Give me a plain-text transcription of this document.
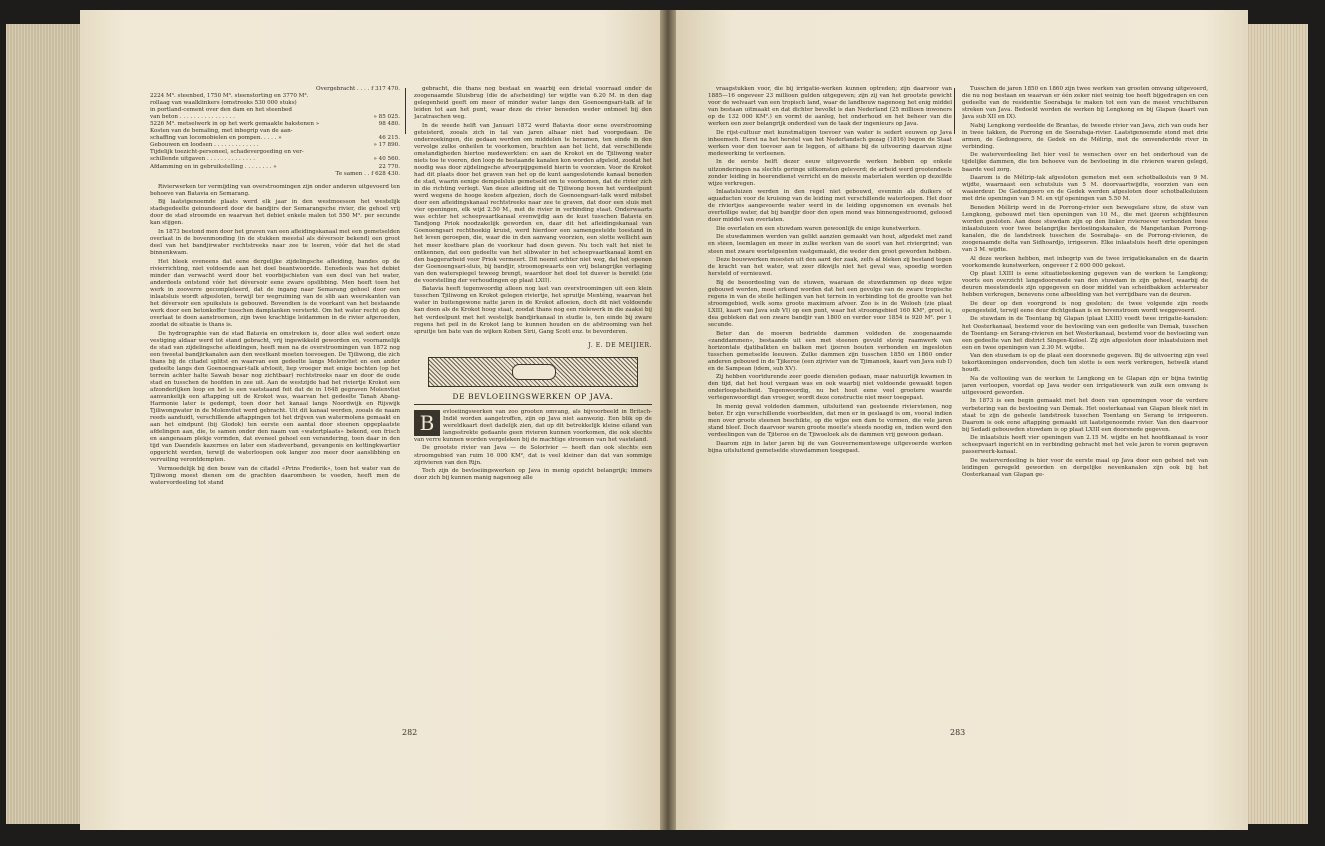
Overgebracht . . . . f 317 470.
2224 M³. steenbed, 1750 M³. steenstorting en 3770 M³.
rollaag van waalklinkers (omstreeks 530 000 stuks)
in portland-cement over den dam en het steenbed
van beton . . . . . . . . . . . . . . . .	» 85 025.
5226 M³. metselwerk in op het werk gemaakte bakstenen »	98 480.
Kosten van de bemaling, met inbegrip van de aan-
schaffing van locomobielen en pompen. . . . . »	46 215.
Gebouwen en loodsen . . . . . . . . . . . . .	» 17 890.
Tijdelijk toezicht-personeel, schadevergoeding en ver-
schillende uitgaven . . . . . . . . . . . . . .	» 40 560.
Afdamming en in gebruikstelling . . . . . . . . »	22 770.
Te samen . . f 628 430.

Rivierwerken ter vermijding van overstroomingen zijn onder anderen uitgevoerd ten behoeve van Batavia en Semarang.

Bij laatstgenoemde plaats werd elk jaar in den westmoesson het westelijk stadsgedeelte geinundeerd door de bandjirs der Semarangsche rivier, die gehoel vrij door de stad stroomde en waarvan het debiet enkele malen tot 550 M³. per secunde kan stijgen.

In 1873 bestond men door het graven van een afleidingskanaal met een gemetselden overlaat in de bovenmonding (in de stukken meestal als déversoir bekend) een groot deel van het bandjirwater rechtstreeks naar zee te leeren, vóór dat het de stad binnenkwam.

Het bleek eveneens dat eene dergelijke zijdelingsche afleiding, bandes op de rivierrichting, niet voldoende aan het doel beantwoordde. Eensdeels was het debiet minder dan verwacht werd door het voorbijschieten van een deel van het water, anderdeels ontstond vóór het déversoir eene zware opslibbing. Men heeft toen het werk in zooverre gecompleteerd, dat de ingang naar Semarang gehoel door een inlaatsluis wordt afgesloten, terwijl ter wegruiming van de slib aan weerskanten van het déversoir een spuiksluis is gebouwd. Bovendien is de voorkant van het bestaande werk door een betonkoffer tusschen damplanken versterkt. Om het water recht op den overlaat te doen aanstroomen, zijn twee krachtige leidammen in de rivier afgeroeden, zoodat de situatie is thans is.

De hydrographie van de stad Batavia en omstreken is, door alles wat sedert onze vestiging aldaar werd tot stand gebracht, vrij ingewikkeld geworden en, voornamelijk de stad van zijdelingsche afleidingen, heeft men na de overstroomingen van 1872 nog een tweetal bandjirkanalen aan den westkant moeten toevoegen. De Tjiliwong, die zich thans bij de citadel splitst en waarvan een gedeelte langs Molenvliet en een ander gedeelte langs den Goenoengsari-talk afvloeit, liep vroeger met enige bochten (op het terrein achter halte Sawah besar nog zichtbaar) rechtstreeks naar en door de oude stad en tusschen de hoofden in zee uit. Aan de westzijde had het riviertje Krokot een afzonderlijken loop en het is een vaststaand feit dat de in 1648 gegraven Molenvliet aanvankelijk een aftapping uit de Krokot was, waarvan het gedeelte Tanah Abang-Harmonie later is gedempt, toen door het kanaal langs Noordwijk en Rijswijk Tjiliwongwater in de Molenvliet werd gebracht. Uit dit kanaal werden, zooals de naam reeds aanduidt, verschillende aftappingen tot het drijven van watermolens gemaakt en aan het eindpunt (bij Glodok) ten eerste een aantal door steenen opgeplaatste afdelingen aan, die, te samen onder den naam van «watertplaats» bekend, een frisch en aangenaam plekje vormden, dat eveneel gehoel een verandering, toen daar in den tijd van Daendels kazernes en later een stadsverband, gevangenis en kettingkwartier opgericht werden, terwijl de waterloopen ook langer zoo meer door aanslibbing en vervuiling verontdempten.

Vermoedelijk bij den bouw van de citadel «Prins Frederik», toen het water van de Tjiliwong moest dienen om de grachten daaromheen te voeden, heeft men de watervordeeling tot stand

gebracht, die thans nog bestaat en waarbij een drietal voorraad onder de zoogenaamde Sluisbrug (die de afscheiding) ter wijdte van 6.20 M. in den dag gelegenheid geeft om meer of minder water langs den Goenoengsari-talk af te leiden tot aan het punt, waar deze de rivier beneden weder ontmoet bij den Jacatraschen weg.

In de weede helft van Januari 1872 werd Batavia door eene overstrooming geteisterd, zooals zich in tal van jaren alhaar niet had voorgedaan. De onderzoekingen, die gedaan werden om middelen te beramen, ten einde in den vervolge zulke onheilen te voorkomen, brachten aan het licht, dat verschillende omstandigheden hiertoe medewerkten: en aan de Krokot en de Tjiliwong water niets toe te voeren, den loop de bestaande kanalen kon worden afgeleid, zoodat het noodig was door zijdelingsche afvoerpijpgemeld hierin te voorzien. Voor de Krokot had dit plaats door het graven van het op de kunt aangeslotende kanaal beneden de stad, waarin eenige dempelsluis gemetseld om te voorkomen, dat de rivier zich in die richting verlegt. Van deze afleiding uit de Tjiliwong boven het verdeelpunt werd wegens de hooge kosten afgezien, doch de Goenoengsari-talk werd mitsbet door een afleidingskanaal rechtstreeks naar zee te graven, dat door een sluis met vier openingen, elk wijd 2.50 M., met de rivier in verbinding staat. Onderwaarts was echter het scheepvaartkanaal evenwijdig aan de kust tusschen Batavia en Tandjong Priok noodzakelijk geworden en, daar dit het afleidingskanaal van Goenoengsari rechthoekig kruist, werd hierdoor een samengestelde toestand in het leven geroepen, die, waar die in den aanvang voorzien, een slotte wellicht aan het meer kostbare plan de voorkeur had doen geven. Nu toch valt het niet te ontkennen, dat een gedeelte van het slibwater in het scheepvaartkanaal komt en den baggerarbeid voor Priok vermeert. Dit neemt echter niet weg, dat het openen der Goenoengsari-sluis, bij bandjir, stroomopwaarts een vrij belangrijke verlaging van den waterspiegel teweeg brengt, waardoor het doel tot dusver is bereikt (zie de voorstelling der verhoudingen op plaat LXII).

Batavia heeft tegenwoordig alleen nog last van overstroomingen uit een klein tusschen Tjiliwong en Krokot gelegen riviertje, het spruitje Menténg, waarvan het water in buitengewone natte jaren in de Krokot afloeien, doch dit niet voldoende kan doen als de Krokot hoog staat, zoodat thans nog een riolewerk in die zaaksi bij het verdeelpunt met het westelijk bandjirkanaal in studie is, ten einde bij zware regens het peil in de Krokot lang te kunnen houden en de afstrooming van het spruitje ten bate van de wijken Koben Sirii, Gang Scott enz. te bevorderen.

J. E. DE MEIJIER.
DE BEVLOEIINGSWERKEN OP JAVA.
B	evloeiingswerken van zoo grooten omvang, als bijvoorbeeld in Britsch-Indië worden aangetroffen, zijn op Java niet aanwezig. Een blik op de wereldkaart doet dadelijk zien, dat op dit betrekkelijk kleine eiland van langsstrekte gedaante geen rivieren kunnen voorkomen, die ook slechts van verre kunnen worden vergeleken bij de machtige stroomen van het vasteland.

De grootste rivier van Java — de Solorivier — heeft dan ook slechts een stroomgebied van ruim 16 000 KM², dat is veel kleiner dan dat van sommige zijrivieren van den Rijn.

Toch zijn de bevloeiingswerken op Java in menig opzicht belangrijk; immers door zich bij kunnen manig nagenoeg alle

282

vraagstukken voor, die bij irrigatie-werken kunnen optreden; zijn daarvoor van 1885—16 ongeveer 23 millioen gulden uitgegeven; zijn zij van het grootste gewicht voor de welvaart van een tropisch land, waar de landbouw nagenoeg het enig middel van bestaan uitmaakt en dat dichter bevolkt is dan Nederland (25 millioen inwoners op de 132 000 KM².) en vormt de aanleg, het onderhoud en het beheer van die werken een zeer belangrijk onderdeel van de taak der ingenieurs op Java.

De rijst-cultuur met kunstmatigen toevoer van water is sedert eeuwen op Java inheemsch. Eerst na het herstel van het Nederlandsch gezag (1816) begon de Staat werken voor den toevoer aan te leggen, of althans bij de uitvoering daarvan zijne medewerking te verleenen.

In de eerste helft dezer eeuw uitgevoerde werken hebben op enkele uitzonderingen na slechts geringe uitkomsten geleverd; de arbeid werd grootendeels zonder leiding in heerendienst verricht en de meeste materialen werden op dezelfde wijze verkregen.

Inlaatsluizen werden in den regel niet gebouwd, evenmin als duikers of aquaducten voor de kruising van de leiding met verschillende waterloopen. Het door de riviertjes aangevoerde water werd in de leiding opgenomen en evenals het overtollige water, dat bij bandjir door den open mond was binnengestroomd, geloosd door middel van overlaten.

Die overlaten en een stuwdam waren gewoonlijk de enige kunstwerken.

De stuwdammen werden van gelikt aanzien gemaakt van hout, afgedekt met zand en steen, leemlagen en meer in zulke werken van de soort van het riviergrind; van steen met zware wortelgeenten vastgemaakt, die weder den groot geworden hebben.

Deze bouwwerken moesten uit den aard der zaak, zelfs al bleken zij bestand tegen de kracht van het water, wat zeer dikwijls niet het geval was, spoedig worden hersteld of vernieuwd.

Bij de beoordeeling van de stuwen, waaraan de stuwdammen op deze wijze gebouwd werden, moet erkend worden dat het een gevolge van de zware tropische regens in van de steile hellingen van het terrein in verbinding tot de grootte van het stroomgebied, welk soms groote maximum afvoer. Zoo is in de Woloeh (zie plaat LXIII, kaart van Java sub VI) op een punt, waar het stroomgebied 160 KM², groot is, dea gebleken dat een zware bandjir van 1800 en verder voor 1854 is 920 M³. per 1 secunde.

Beter dan de moeren bedrielde dammen voldeden de zoogenaamde «zanddammen», bestaande uit een met steenen gevuld stevig raamwerk van horizontale djatibalkten en balken met ijzeren bouten verbonden en ingesloten tusschen gemetselde leeuwen. Zulke dammen zijn tusschen 1850 en 1860 onder anderen gebouwd in de Tjikeroe (een zijrivier van de Tjimanoek, kaart van Java sub I) en de Sampean (idem, sub XV).

Zij hebben voortdurende zeer goede diensten gedaan, maar natuurlijk kwamen in den tijd, dat het hout vergaan was en ook waarbij niet voldoende gewaakt tegen onderloopsheiheid. Tegenwoordig, nu het hout eene veel grootere waarde vertegenwoordigt dan vroeger, wordt deze constructie niet meer toegepast.

In menig geval voldeden dammen, uitsluitend van gesteende rivierstenen, nog beter. Er zijn verschillende voorbeelden, dat men er in geslaagd is om, vooral indien men over groote steenen beschikte, op die wijze een dam te vormen, die vele jaren stand bleef. Doch daarvoor waren groote moeite's steeds noodig en, indien werd den verdeelingen van de Tjiteroe en de Tjiwoeloek als de dammen vrij gewoon gedaan.

Daarom zijn in later jaren bij de van Gouvernementswege uitgevoerde werken bijna uitsluitend gemetselde stuwdammen toegepast.

Tusschen de jaren 1850 en 1860 zijn twee werken van grooten omvang uitgevoerd, die nu nog bestaan en waarvan er één zeker niet weinig toe heeft bijgedragen en cen gedeelte van de residentie Soerabaja te maken tot een van de meest vruchtbaren streken van Java. Bedoeld worden de werken bij Lengkong en bij Glapan (kaart van Java sub XII en IX).

Nabij Lengkong verdeelde de Brantas, de tweede rivier van Java, zich van ouds her in twee takken, de Porrong en de Soerabaja-rivier. Laatstgenoemde stond met drie armen, de Gedongoero, de Gedek en de Mélirip, met de omvenderdde river in verbinding.

De waterverdeeling liet hier veel te wenschen over en het onderhoud van de tijdelijke dammen, die ten behoeve van de bevloeiing in die rivieren waren gelegd, baarde veel zorg.

Daarom is de Mélirip-tak afgesloten gemeten met een schotbalksluis van 9 M. wijdte, waarnaast een schutsluis van 5 M. doorvaartwijdte, voorzien van een waaierdeur. De Gedongoero en de Gedek werden afgesloten door schotbalksluizen met drie openingen van 5 M. en vijf openingen van 5.50 M.

Beneden Mélirip werd in de Porrong-rivier een bewegelare stuw, de stuw van Lengkong, gebouwd met tien openingen van 10 M., die met ijzeren schijfdeuren worden gesloten. Aan deze stuwdam zijn op den linker rivieroever verbonden twee inlaatsluizen voor twee belangrijke bevloeiingskanalen, de Mangetankan Porrong-kanalen, die de landstreek tusschen de Soerabaja- en de Porrong-rivieren, de zoogenaamde delta van Sidhoardjo, irrigeeren. Elke inlaatsluis heeft drie openingen van 3 M. wijdte.

Al deze werken hebben, met inbegrip van de twee irrigatiekanalen en de daarin voorkomende kunstwerken, ongeveer f 2 600 000 gekost.

Op plaat LXIII is eene situatieteekening gegeven van de werken te Lengkong; voorts een overzicht langsdoorsnede van den stuwdam in zijn geheel, waarbij de deuren meestendeels zijn opgegeven en door middel van scheidbakken achterwater hebben verkregen, benevens cene afbeelding van het verrijdbare van de deuren.

De deur op den voorgrond is nog gesloten; de twee volgende zijn reeds opengesteld, terwijl eene deur dichtgedaan is en bovenstroom wordt weggevoerd.

De stuwdam in de Toentang bij Glapan (plaat LXIII) voedt twee irrigatie-kanalen: het Oosterkanaal, bestemd voor de bevloeiing van een gedeelte van Demak, tusschen de Toentang- en Serang-rivieren en het Westerkanaal, bestemd voor de bevloeiing van een gedeelte van het district Singen-Koloel. Zij zijn afgesloten door inlaatsluizen met een en twee openingen van 2.30 M. wijdte.

Van den stuwdam is op de plaat een doorsnede gegeven. Bij de uitvoering zijn veel tekortkomingen ondervonden, doch ten slotte is een werk verkregen, hetwelk stand houdt.

Na de voltooiing van de werken te Lengkong en te Glapan zijn er bijna twintig jaren verloopen, voordat op Java weder een irrigatiewerk van zulk een omvang is uitgevoerd geworden.

In 1873 is een begin gemaakt met het doen van opnemingen voor de verdere verbetering van de bevloeiing van Demak. Het oosterkanaal van Glapan bleek niet in staat te zijn de geheele landstreek tusschen Toentang en Serang te irrigeeren. Daarom is ook eene aftapping gemaakt uit laatstgenoemde rivier. Van den daarvoor bij Sedadi gebouwden stuwdam is op plaat LXIII een doorsnede gegeven.

De inlaatsluis heeft vier openingen van 2.15 M. wijdte en het hoofdkanaal is voor scheepvaart ingericht en in verbinding gebracht met het vele jaren te voren gegraven passerwerk-kanaal.

De waterverdeeling is hier voor de eerste maal op Java door een geheel net van leidingen geregeld geworden en dergelijke nevenkanalen zijn ook bij het Oosterkanaal van Glapan ge-

283
